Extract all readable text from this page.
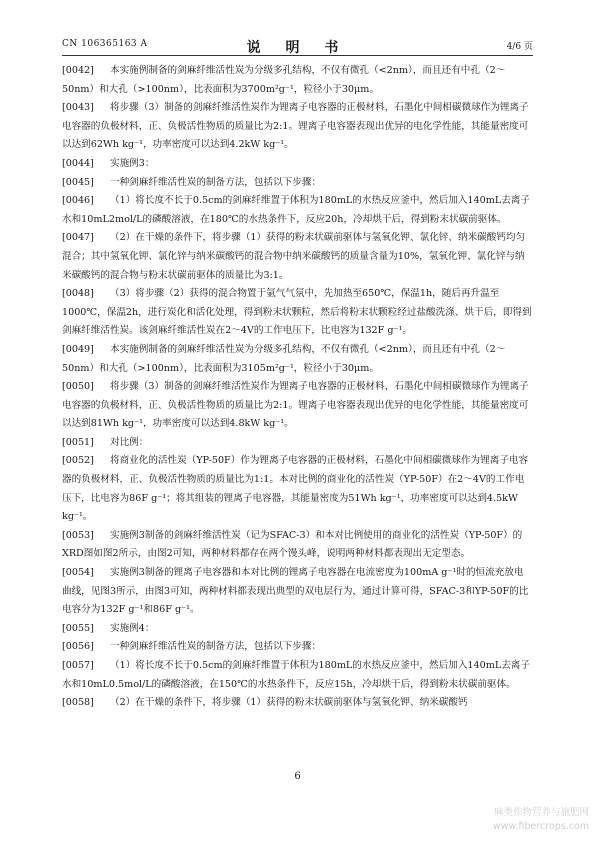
CN 106365163 A	说 明 书	4/6 页

[ 0042 ] 本实施例制备的剑麻纤维活性炭为分级多孔结构，不仅有微孔（<2nm），而且还有中孔（2～50nm）和大孔（>100nm），比表面积为3700m²g⁻¹，粒径小于30μm。

[ 0043 ] 将步骤（3）制备的剑麻纤维活性炭作为锂离子电容器的正极材料，石墨化中间相碳微球作为锂离子电容器的负极材料，正、负极活性物质的质量比为2:1。锂离子电容器表现出优异的电化学性能，其能量密度可以达到62Wh kg⁻¹，功率密度可以达到4.2kW kg⁻¹。

[ 0044 ] 实施例3：

[ 0045 ] 一种剑麻纤维活性炭的制备方法，包括以下步骤：

[ 0046 ] （1）将长度不长于0.5cm的剑麻纤维置于体积为180mL的水热反应釜中，然后加入140mL去离子水和10mL2mol/L的磷酸溶液，在180℃的水热条件下，反应20h，冷却烘干后，得到粉末状碳前驱体。

[ 0047 ] （2）在干燥的条件下，将步骤（1）获得的粉末状碳前驱体与氢氧化钾、氯化锌、纳米碳酸钙均匀混合；其中氢氧化钾、氯化锌与纳米碳酸钙的混合物中纳米碳酸钙的质量含量为10%，氢氧化钾、氯化锌与纳米碳酸钙的混合物与粉末状碳前驱体的质量比为3:1。

[ 0048 ] （3）将步骤（2）获得的混合物置于氩气气氛中，先加热至650℃，保温1h，随后再升温至1000℃，保温2h，进行炭化和活化处理，得到粉末状颗粒，然后将粉末状颗粒经过盐酸洗涤、烘干后，即得到剑麻纤维活性炭。该剑麻纤维活性炭在2～4V的工作电压下，比电容为132F g⁻¹。

[ 0049 ] 本实施例制备的剑麻纤维活性炭为分级多孔结构，不仅有微孔（<2nm），而且还有中孔（2～50nm）和大孔（>100nm），比表面积为3105m²g⁻¹，粒径小于30μm。

[ 0050 ] 将步骤（3）制备的剑麻纤维活性炭作为锂离子电容器的正极材料，石墨化中间相碳微球作为锂离子电容器的负极材料，正、负极活性物质的质量比为2:1。锂离子电容器表现出优异的电化学性能，其能量密度可以达到81Wh kg⁻¹，功率密度可以达到4.8kW kg⁻¹。

[ 0051 ] 对比例：

[ 0052 ] 将商业化的活性炭（YP-50F）作为锂离子电容器的正极材料，石墨化中间相碳微球作为锂离子电容器的负极材料，正、负极活性物质的质量比为1:1。本对比例的商业化的活性炭（YP-50F）在2～4V的工作电压下，比电容为86F g⁻¹；将其组装的锂离子电容器，其能量密度为51Wh kg⁻¹，功率密度可以达到4.5kW kg⁻¹。

[ 0053 ] 实施例3制备的剑麻纤维活性炭（记为SFAC-3）和本对比例使用的商业化的活性炭（YP-50F）的XRD图如图2所示，由图2可知，两种材料都存在两个馒头峰，说明两种材料都表现出无定型态。

[ 0054 ] 实施例3制备的锂离子电容器和本对比例的锂离子电容器在电流密度为100mA g⁻¹时的恒流充放电曲线，见图3所示，由图3可知，两种材料都表现出典型的双电层行为，通过计算可得，SFAC-3和YP-50F的比电容分为132F g⁻¹和86F g⁻¹。

[ 0055 ] 实施例4：

[ 0056 ] 一种剑麻纤维活性炭的制备方法，包括以下步骤：

[ 0057 ] （1）将长度不长于0.5cm的剑麻纤维置于体积为180mL的水热反应釜中，然后加入140mL去离子水和10mL0.5mol/L的磷酸溶液，在150℃的水热条件下，反应15h，冷却烘干后，得到粉末状碳前驱体。

[ 0058 ] （2）在干燥的条件下，将步骤（1）获得的粉末状碳前驱体与氢氧化钾、纳米碳酸钙

6
麻类作物营养与施肥网
www.fibercrops.com
